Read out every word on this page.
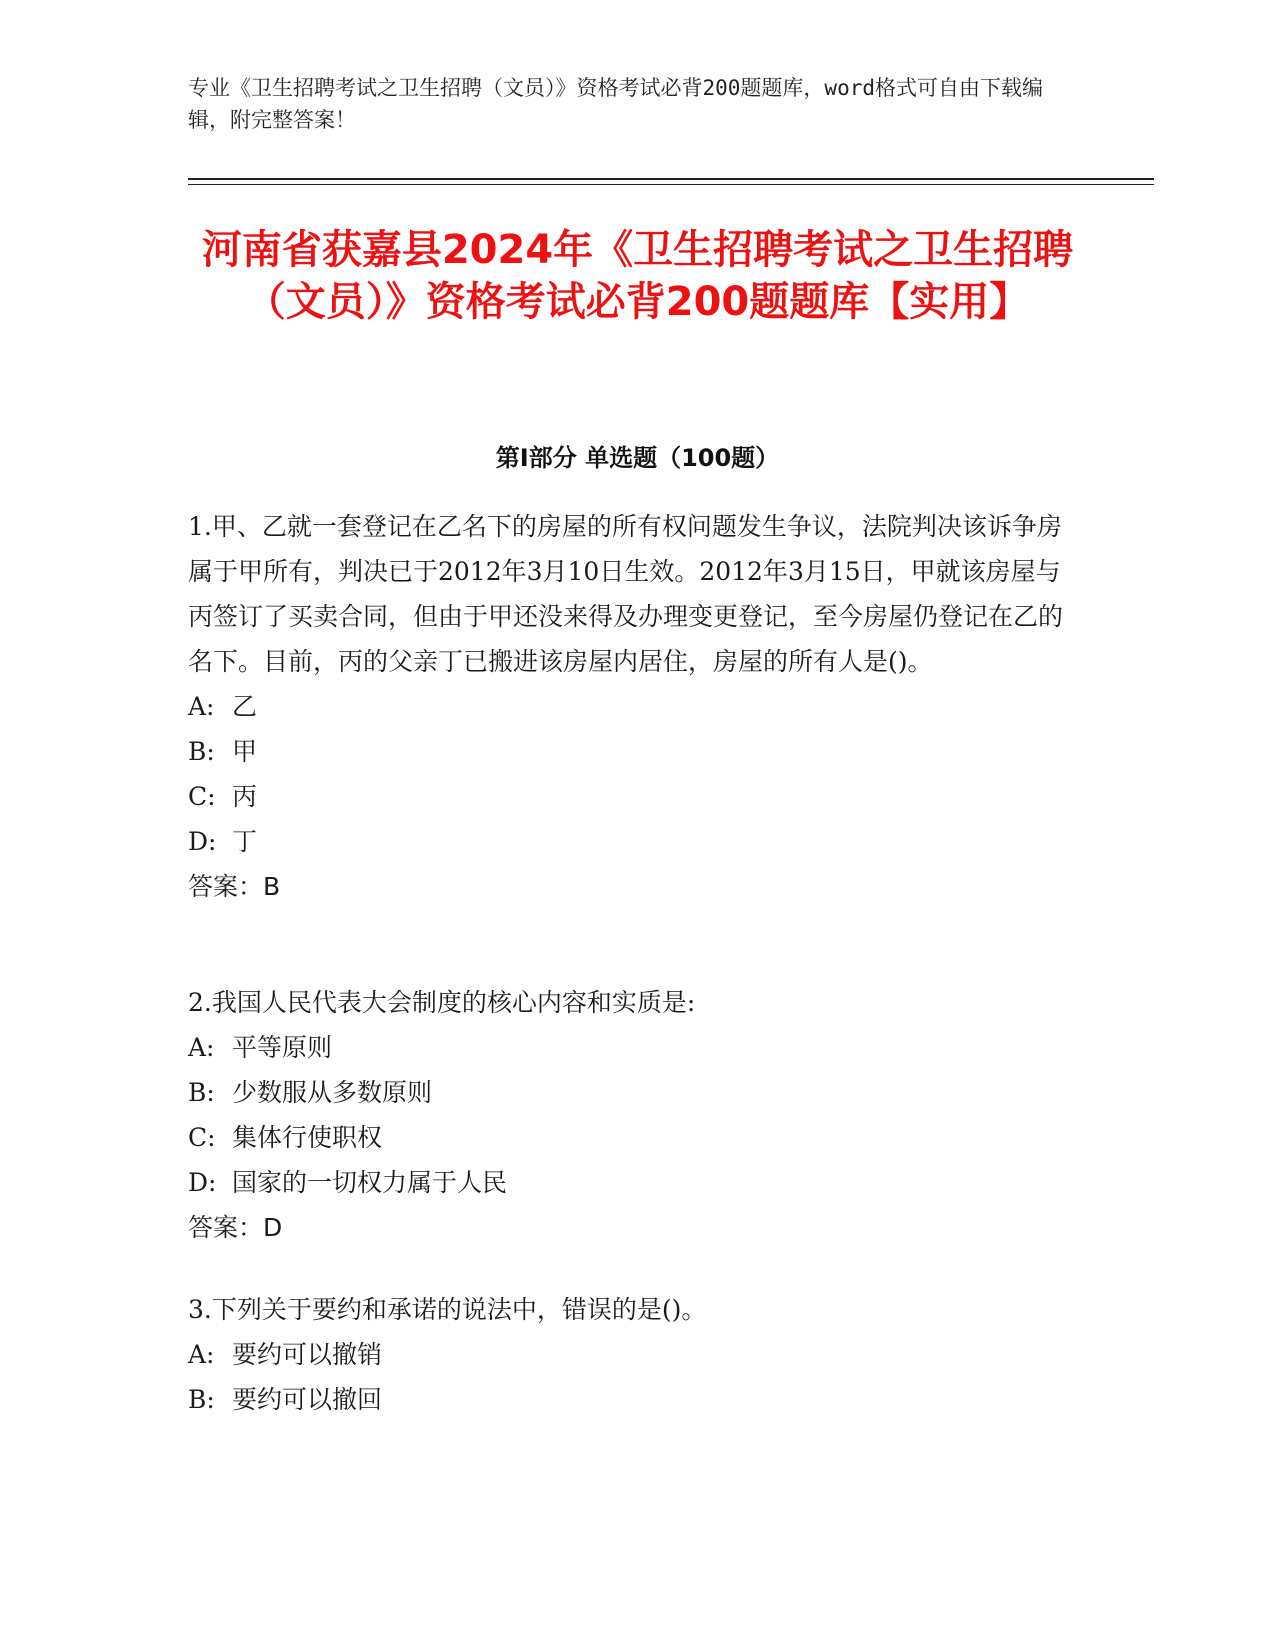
专业《卫生招聘考试之卫生招聘（文员）》资格考试必背200题题库，word格式可自由下载编辑，附完整答案！
河南省获嘉县2024年《卫生招聘考试之卫生招聘（文员）》资格考试必背200题题库【实用】
第I部分 单选题（100题）

1.甲、乙就一套登记在乙名下的房屋的所有权问题发生争议，法院判决该诉争房属于甲所有，判决已于2012年3月10日生效。2012年3月15日，甲就该房屋与丙签订了买卖合同，但由于甲还没来得及办理变更登记，至今房屋仍登记在乙的名下。目前，丙的父亲丁已搬进该房屋内居住，房屋的所有人是()。

A: 乙

B: 甲

C: 丙

D: 丁

答案：B

2.我国人民代表大会制度的核心内容和实质是:

A: 平等原则

B: 少数服从多数原则

C: 集体行使职权

D: 国家的一切权力属于人民

答案：D

3.下列关于要约和承诺的说法中，错误的是()。

A: 要约可以撤销

B: 要约可以撤回
